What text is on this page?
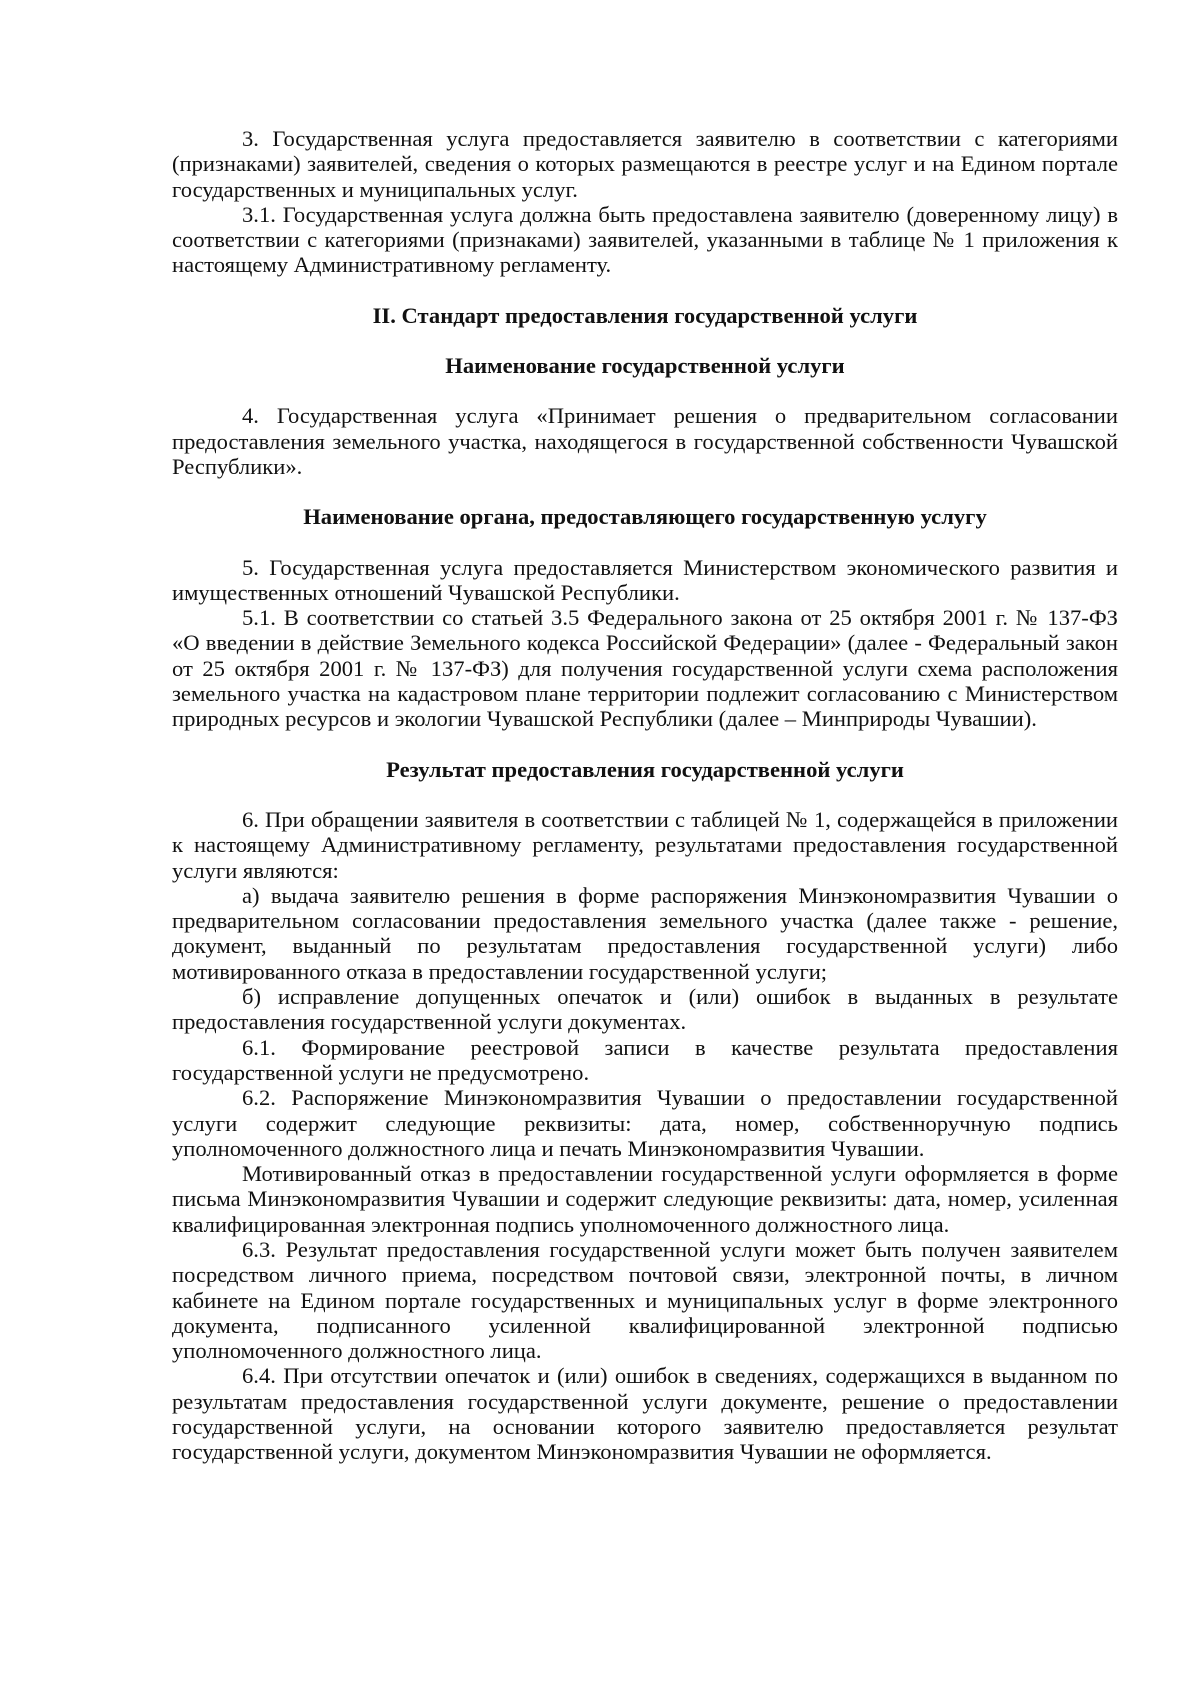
3. Государственная услуга предоставляется заявителю в соответствии с категориями (признаками) заявителей, сведения о которых размещаются в реестре услуг и на Едином портале государственных и муниципальных услуг.

3.1. Государственная услуга должна быть предоставлена заявителю (доверенному лицу) в соответствии с категориями (признаками) заявителей, указанными в таблице № 1 приложения к настоящему Административному регламенту.

II. Стандарт предоставления государственной услуги

Наименование государственной услуги

4. Государственная услуга «Принимает решения о предварительном согласовании предоставления земельного участка, находящегося в государственной собственности Чувашской Республики».

Наименование органа, предоставляющего государственную услугу

5. Государственная услуга предоставляется Министерством экономического развития и имущественных отношений Чувашской Республики.

5.1. В соответствии со статьей 3.5 Федерального закона от 25 октября 2001 г. № 137-ФЗ «О введении в действие Земельного кодекса Российской Федерации» (далее - Федеральный закон от 25 октября 2001 г. № 137-ФЗ) для получения государственной услуги схема расположения земельного участка на кадастровом плане территории подлежит согласованию с Министерством природных ресурсов и экологии Чувашской Республики (далее – Минприроды Чувашии).

Результат предоставления государственной услуги

6. При обращении заявителя в соответствии с таблицей № 1, содержащейся в приложении к настоящему Административному регламенту, результатами предоставления государственной услуги являются:

а) выдача заявителю решения в форме распоряжения Минэкономразвития Чувашии о предварительном согласовании предоставления земельного участка (далее также - решение, документ, выданный по результатам предоставления государственной услуги) либо мотивированного отказа в предоставлении государственной услуги;

б) исправление допущенных опечаток и (или) ошибок в выданных в результате предоставления государственной услуги документах.

6.1. Формирование реестровой записи в качестве результата предоставления государственной услуги не предусмотрено.

6.2. Распоряжение Минэкономразвития Чувашии о предоставлении государственной услуги содержит следующие реквизиты: дата, номер, собственноручную подпись уполномоченного должностного лица и печать Минэкономразвития Чувашии.

Мотивированный отказ в предоставлении государственной услуги оформляется в форме письма Минэкономразвития Чувашии и содержит следующие реквизиты: дата, номер, усиленная квалифицированная электронная подпись уполномоченного должностного лица.

6.3. Результат предоставления государственной услуги может быть получен заявителем посредством личного приема, посредством почтовой связи, электронной почты, в личном кабинете на Едином портале государственных и муниципальных услуг в форме электронного документа, подписанного усиленной квалифицированной электронной подписью уполномоченного должностного лица.

6.4. При отсутствии опечаток и (или) ошибок в сведениях, содержащихся в выданном по результатам предоставления государственной услуги документе, решение о предоставлении государственной услуги, на основании которого заявителю предоставляется результат государственной услуги, документом Минэкономразвития Чувашии не оформляется.
